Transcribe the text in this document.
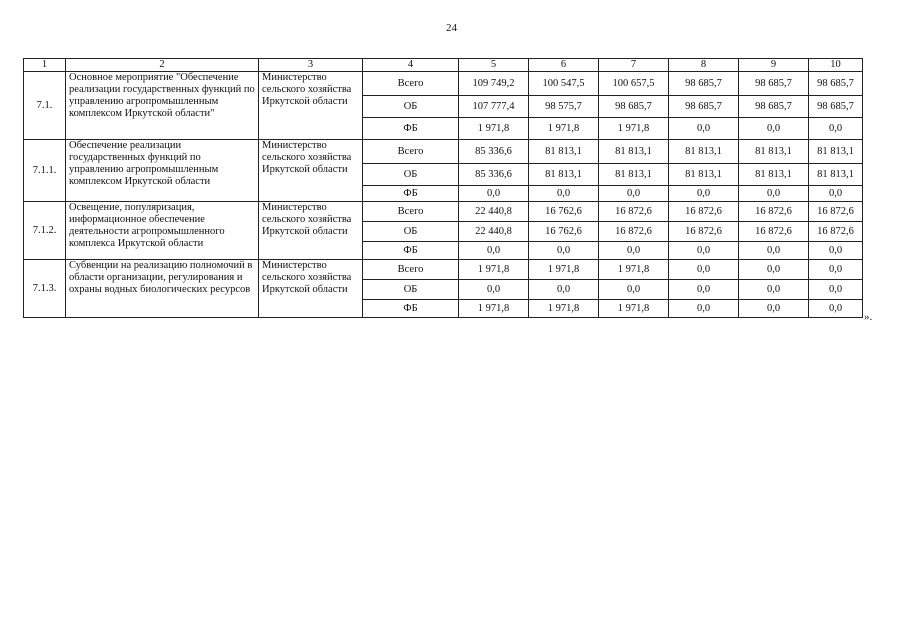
24
1	2	3	4	5	6	7	8	9	10
7.1.	Основное мероприятие "Обеспечение реализации государственных функций по управлению агропромышленным комплексом Иркутской области"	Министерство сельского хозяйства Иркутской области	Всего	109 749,2	100 547,5	100 657,5	98 685,7	98 685,7	98 685,7
			ОБ	107 777,4	98 575,7	98 685,7	98 685,7	98 685,7	98 685,7
			ФБ	1 971,8	1 971,8	1 971,8	0,0	0,0	0,0
7.1.1.	Обеспечение реализации государственных функций по управлению агропромышленным комплексом Иркутской области	Министерство сельского хозяйства Иркутской области	Всего	85 336,6	81 813,1	81 813,1	81 813,1	81 813,1	81 813,1
			ОБ	85 336,6	81 813,1	81 813,1	81 813,1	81 813,1	81 813,1
			ФБ	0,0	0,0	0,0	0,0	0,0	0,0
7.1.2.	Освещение, популяризация, информационное обеспечение деятельности агропромышленного комплекса Иркутской области	Министерство сельского хозяйства Иркутской области	Всего	22 440,8	16 762,6	16 872,6	16 872,6	16 872,6	16 872,6
			ОБ	22 440,8	16 762,6	16 872,6	16 872,6	16 872,6	16 872,6
			ФБ	0,0	0,0	0,0	0,0	0,0	0,0
7.1.3.	Субвенции на реализацию полномочий в области организации, регулирования и охраны водных биологических ресурсов	Министерство сельского хозяйства Иркутской области	Всего	1 971,8	1 971,8	1 971,8	0,0	0,0	0,0
			ОБ	0,0	0,0	0,0	0,0	0,0	0,0
			ФБ	1 971,8	1 971,8	1 971,8	0,0	0,0	0,0
».
